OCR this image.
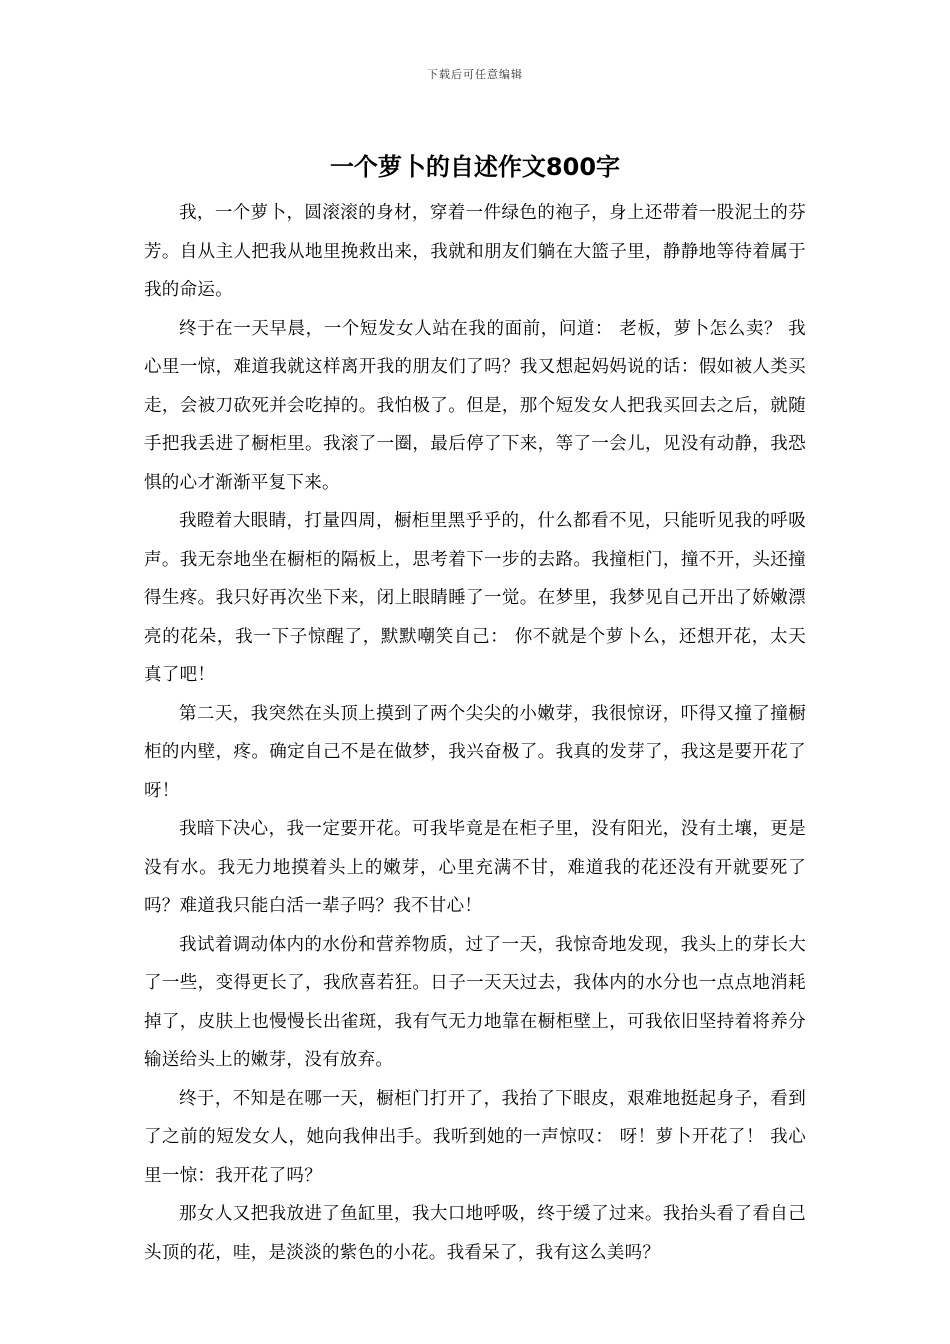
下载后可任意编辑
一个萝卜的自述作文800字

我，一个萝卜，圆滚滚的身材，穿着一件绿色的袍子，身上还带着一股泥土的芬芳。自从主人把我从地里挽救出来，我就和朋友们躺在大篮子里，静静地等待着属于我的命运。

终于在一天早晨，一个短发女人站在我的面前，问道： 老板，萝卜怎么卖？ 我心里一惊，难道我就这样离开我的朋友们了吗？我又想起妈妈说的话：假如被人类买走，会被刀砍死并会吃掉的。我怕极了。但是，那个短发女人把我买回去之后，就随手把我丢进了橱柜里。我滚了一圈，最后停了下来，等了一会儿，见没有动静，我恐惧的心才渐渐平复下来。

我瞪着大眼睛，打量四周，橱柜里黑乎乎的，什么都看不见，只能听见我的呼吸声。我无奈地坐在橱柜的隔板上，思考着下一步的去路。我撞柜门，撞不开，头还撞得生疼。我只好再次坐下来，闭上眼睛睡了一觉。在梦里，我梦见自己开出了娇嫩漂亮的花朵，我一下子惊醒了，默默嘲笑自己： 你不就是个萝卜么，还想开花，太天真了吧！

第二天，我突然在头顶上摸到了两个尖尖的小嫩芽，我很惊讶，吓得又撞了撞橱柜的内壁，疼。确定自己不是在做梦，我兴奋极了。我真的发芽了，我这是要开花了呀！

我暗下决心，我一定要开花。可我毕竟是在柜子里，没有阳光，没有土壤，更是没有水。我无力地摸着头上的嫩芽，心里充满不甘，难道我的花还没有开就要死了吗？难道我只能白活一辈子吗？我不甘心！

我试着调动体内的水份和营养物质，过了一天，我惊奇地发现，我头上的芽长大了一些，变得更长了，我欣喜若狂。日子一天天过去，我体内的水分也一点点地消耗掉了，皮肤上也慢慢长出雀斑，我有气无力地靠在橱柜壁上，可我依旧坚持着将养分输送给头上的嫩芽，没有放弃。

终于，不知是在哪一天，橱柜门打开了，我抬了下眼皮，艰难地挺起身子，看到了之前的短发女人，她向我伸出手。我听到她的一声惊叹： 呀！萝卜开花了！ 我心里一惊：我开花了吗？

那女人又把我放进了鱼缸里，我大口地呼吸，终于缓了过来。我抬头看了看自己头顶的花，哇，是淡淡的紫色的小花。我看呆了，我有这么美吗？
